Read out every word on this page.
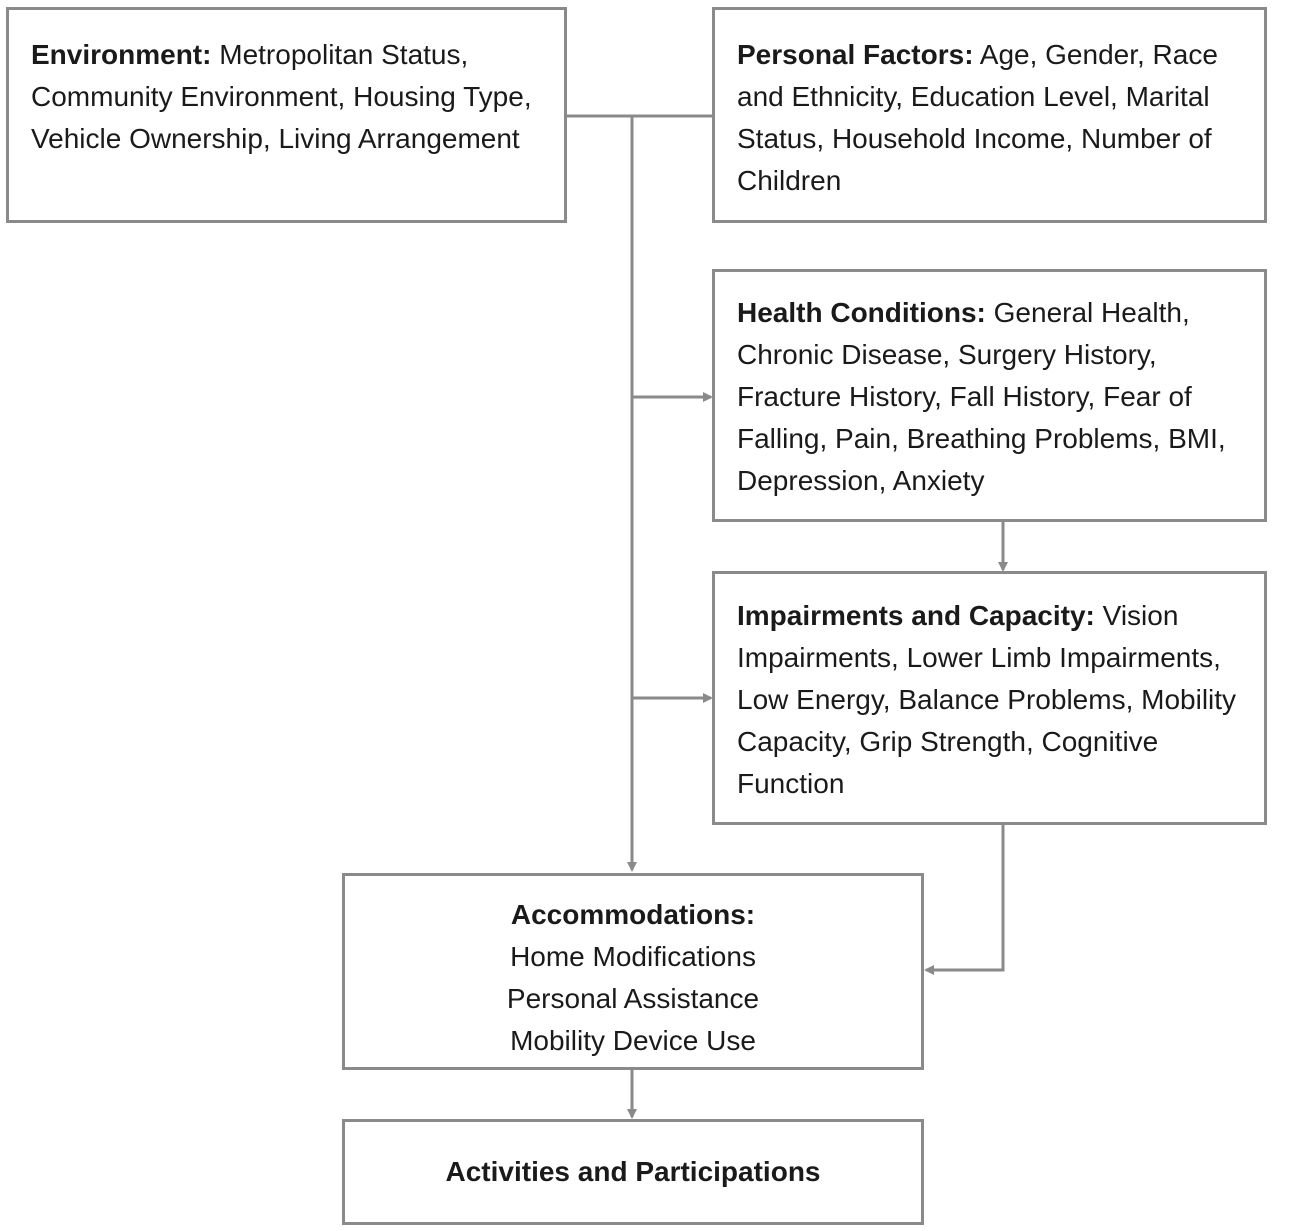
Environment: Metropolitan Status, Community Environment, Housing Type, Vehicle Ownership, Living Arrangement
Personal Factors: Age, Gender, Race and Ethnicity, Education Level, Marital Status, Household Income, Number of Children
Health Conditions: General Health, Chronic Disease, Surgery History, Fracture History, Fall History, Fear of Falling, Pain, Breathing Problems, BMI, Depression, Anxiety
Impairments and Capacity: Vision Impairments, Lower Limb Impairments, Low Energy, Balance Problems, Mobility Capacity, Grip Strength, Cognitive Function
Accommodations:
Home Modifications
Personal Assistance
Mobility Device Use
Activities and Participations
